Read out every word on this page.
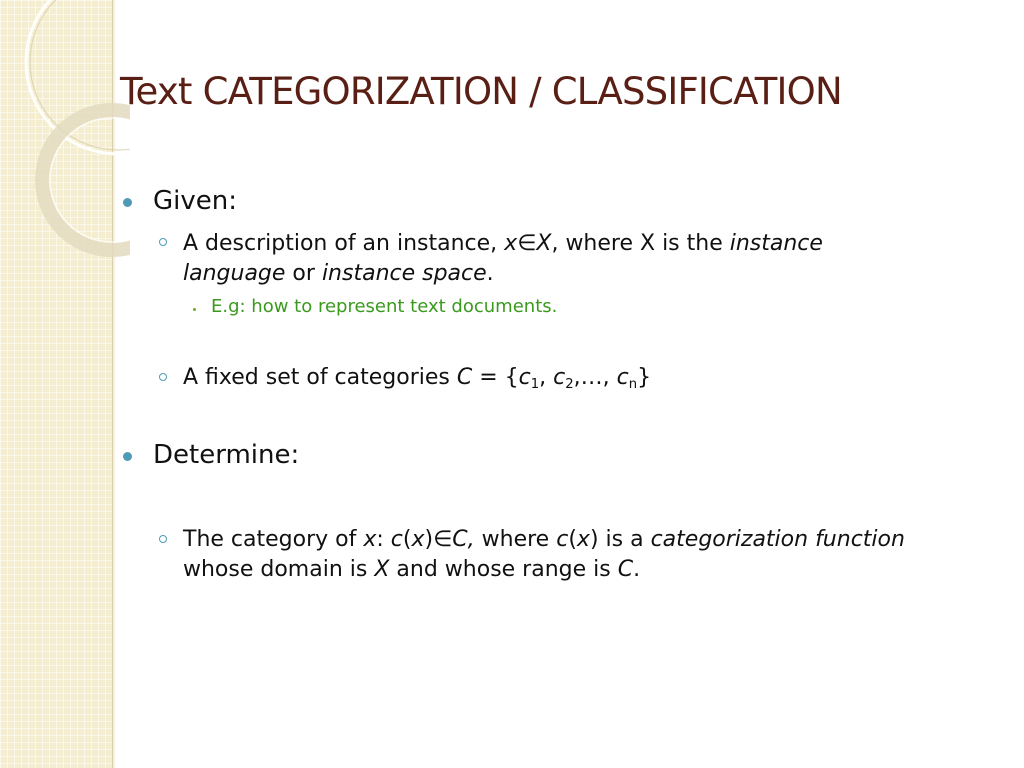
Text CATEGORIZATION / CLASSIFICATION
Given:
A description of an instance, x∈X, where X is the instance
language or instance space.
E.g: how to represent text documents.
A fixed set of categories $C = \{c_1$, $c_2,\dots$, $c_n$}
Determine:
The category of x: c(x)∈C, where c(x) is a categorization function
whose domain is X and whose range is C.
